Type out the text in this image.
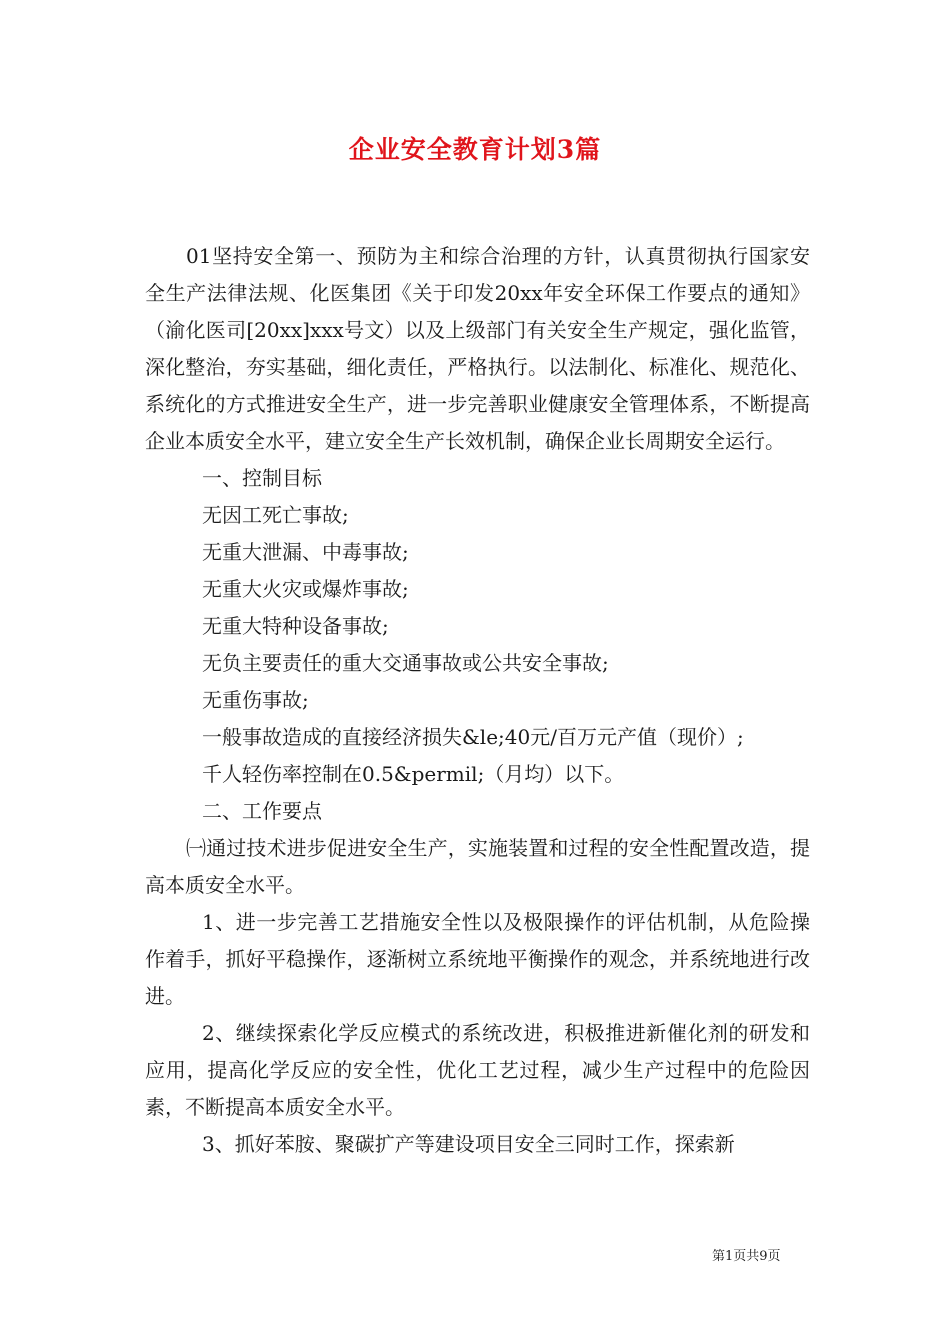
企业安全教育计划3篇

01坚持安全第一、预防为主和综合治理的方针，认真贯彻执行国家安全生产法律法规、化医集团《关于印发20xx年安全环保工作要点的通知》（渝化医司[20xx]xxx号文）以及上级部门有关安全生产规定，强化监管，深化整治，夯实基础，细化责任，严格执行。以法制化、标准化、规范化、系统化的方式推进安全生产，进一步完善职业健康安全管理体系，不断提高企业本质安全水平，建立安全生产长效机制，确保企业长周期安全运行。

一、控制目标

无因工死亡事故;

无重大泄漏、中毒事故;

无重大火灾或爆炸事故;

无重大特种设备事故;

无负主要责任的重大交通事故或公共安全事故;

无重伤事故;

一般事故造成的直接经济损失&le;40元/百万元产值（现价）;

千人轻伤率控制在0.5&permil;（月均）以下。

二、工作要点

㈠通过技术进步促进安全生产，实施装置和过程的安全性配置改造，提高本质安全水平。

1、进一步完善工艺措施安全性以及极限操作的评估机制，从危险操作着手，抓好平稳操作，逐渐树立系统地平衡操作的观念，并系统地进行改进。

2、继续探索化学反应模式的系统改进，积极推进新催化剂的研发和应用，提高化学反应的安全性，优化工艺过程，减少生产过程中的危险因素，不断提高本质安全水平。

3、抓好苯胺、聚碳扩产等建设项目安全三同时工作，探索新

第1页共9页
